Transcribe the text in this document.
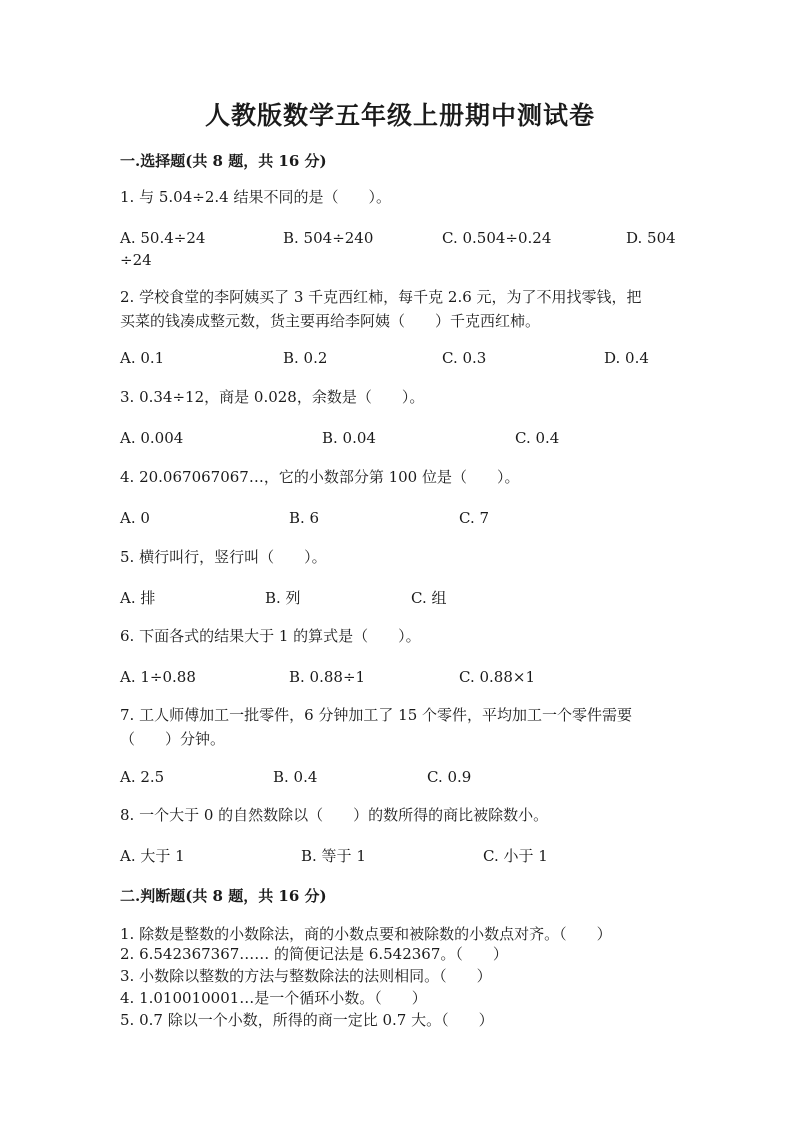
人教版数学五年级上册期中测试卷
一.选择题(共 8 题，共 16 分)
1. 与 5.04÷2.4 结果不同的是（　　）。
A. 50.4÷24	B. 504÷240	C. 0.504÷0.24	D. 504
÷24
2. 学校食堂的李阿姨买了 3 千克西红柿，每千克 2.6 元，为了不用找零钱，把
买菜的钱凑成整元数，货主要再给李阿姨（　　）千克西红柿。
A. 0.1	B. 0.2	C. 0.3	D. 0.4
3. 0.34÷12，商是 0.028，余数是（　　）。
A. 0.004	B. 0.04	C. 0.4
4. 20.067067067…，它的小数部分第 100 位是（　　）。
A. 0	B. 6	C. 7
5. 横行叫行，竖行叫（　　）。
A. 排	B. 列	C. 组
6. 下面各式的结果大于 1 的算式是（　　）。
A. 1÷0.88	B. 0.88÷1	C. 0.88×1
7. 工人师傅加工一批零件，6 分钟加工了 15 个零件，平均加工一个零件需要
（　　）分钟。
A. 2.5	B. 0.4	C. 0.9
8. 一个大于 0 的自然数除以（　　）的数所得的商比被除数小。
A. 大于 1	B. 等于 1	C. 小于 1
二.判断题(共 8 题，共 16 分)
1. 除数是整数的小数除法，商的小数点要和被除数的小数点对齐。（　　）
2. 6.542367367…… 的简便记法是 6.542367。（　　）
3. 小数除以整数的方法与整数除法的法则相同。（　　）
4. 1.010010001…是一个循环小数。（　　）
5. 0.7 除以一个小数，所得的商一定比 0.7 大。（　　）
